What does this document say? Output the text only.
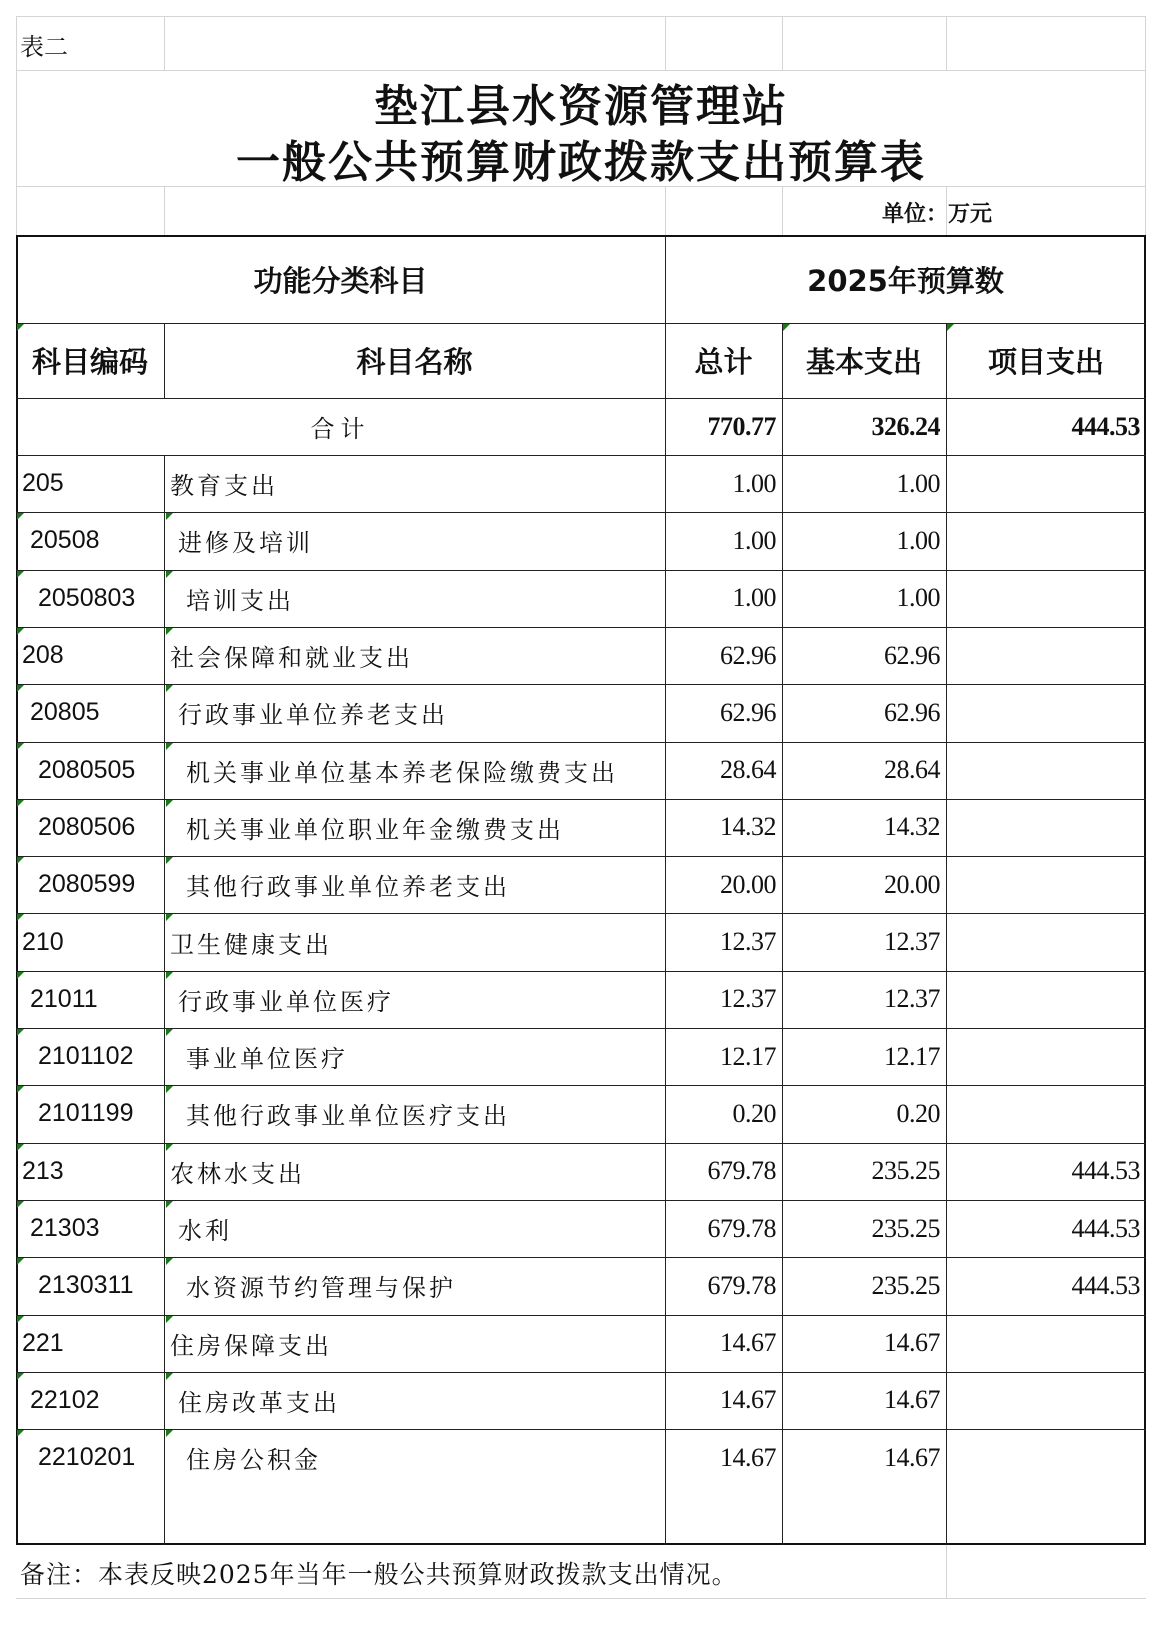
表二
垫江县水资源管理站
一般公共预算财政拨款支出预算表
单位：万元
功能分类科目	2025年预算数
科目编码	科目名称	总计	基本支出	项目支出
合计	770.77	326.24	444.53
205	教育支出	1.00	1.00
20508	进修及培训	1.00	1.00
2050803	培训支出	1.00	1.00
208	社会保障和就业支出	62.96	62.96
20805	行政事业单位养老支出	62.96	62.96
2080505	机关事业单位基本养老保险缴费支出	28.64	28.64
2080506	机关事业单位职业年金缴费支出	14.32	14.32
2080599	其他行政事业单位养老支出	20.00	20.00
210	卫生健康支出	12.37	12.37
21011	行政事业单位医疗	12.37	12.37
2101102	事业单位医疗	12.17	12.17
2101199	其他行政事业单位医疗支出	0.20	0.20
213	农林水支出	679.78	235.25	444.53
21303	水利	679.78	235.25	444.53
2130311	水资源节约管理与保护	679.78	235.25	444.53
221	住房保障支出	14.67	14.67
22102	住房改革支出	14.67	14.67
2210201	住房公积金	14.67	14.67
备注：本表反映2025年当年一般公共预算财政拨款支出情况。
